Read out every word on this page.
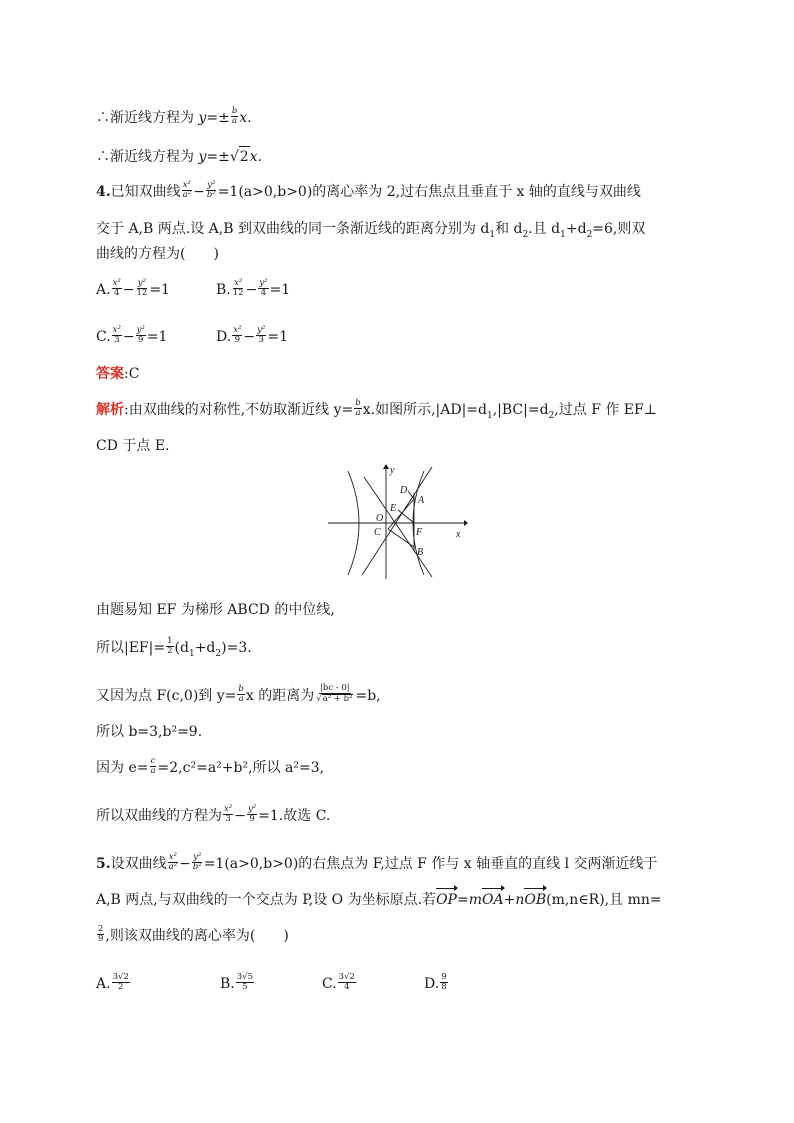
∴渐近线方程为 $y=\pm \frac{b}{a} x$.
∴渐近线方程为 y=±√2x.
4.已知双曲线 $\frac{\text{x²}}{\text{a²}} - \frac{\text{y²}}{\text{b²}} =1(a>0,b>0)$的离心率为 2,过右焦点且垂直于 x 轴的直线与双曲线
交于 A,B 两点.设 A,B 到双曲线的同一条渐近线的距离分别为 $d_1$和 $d_2$.且 $d_1+d_2=6$,则双
曲线的方程为(　　)
A. $\frac{\text{x²}}{4} - \frac{\text{y²}}{12} =1$	B. $\frac{\text{x²}}{12} - \frac{\text{y²}}{4} =1$
C. $\frac{\text{x²}}{3} - \frac{\text{y²}}{9} =1$	D. $\frac{\text{x²}}{9} - \frac{\text{y²}}{3} =1$
答案:C
解析:由双曲线的对称性,不妨取渐近线 $y= \frac{b}{a} x$.如图所示$,|AD|=d_1,|BC|=d_2$,过点 F 作 EF⊥
CD 于点 E.
y
x
O
C
E
F
D
A
B
由题易知 EF 为梯形 ABCD 的中位线,
所以$|EF|= \frac{1}{2} (d_1+d_2)=3$.
又因为点 F(c,0)到 $y= \frac{b}{a}$ x 的距离为 $\frac{|bc - 0|}{\text{√a² + b²}} =b$,
所以 b=3,b²=9.
因为 $e= \frac{c}{a} =2,c^2=a^2+b^2$,所以 a²=3,
所以双曲线的方程为 $\frac{\text{x²}}{3} - \frac{\text{y²}}{9} =1$.故选 C.
5.设双曲线 $\frac{\text{x²}}{\text{a²}} - \frac{\text{y²}}{\text{b²}} =1(a>0,b>0)$的右焦点为 F,过点 F 作与 x 轴垂直的直线 l 交两渐近线于
A,B 两点,与双曲线的一个交点为 P,设 O 为坐标原点.若OP=mOA+nOB(m,n∈R),且 mn=
$\frac{2}{9}$ ,则该双曲线的离心率为(　　)
A. $\frac{3√2}{2}$	B. $\frac{3√5}{5}$	C. $\frac{3√2}{4}$	D. $\frac{9}{8}$
